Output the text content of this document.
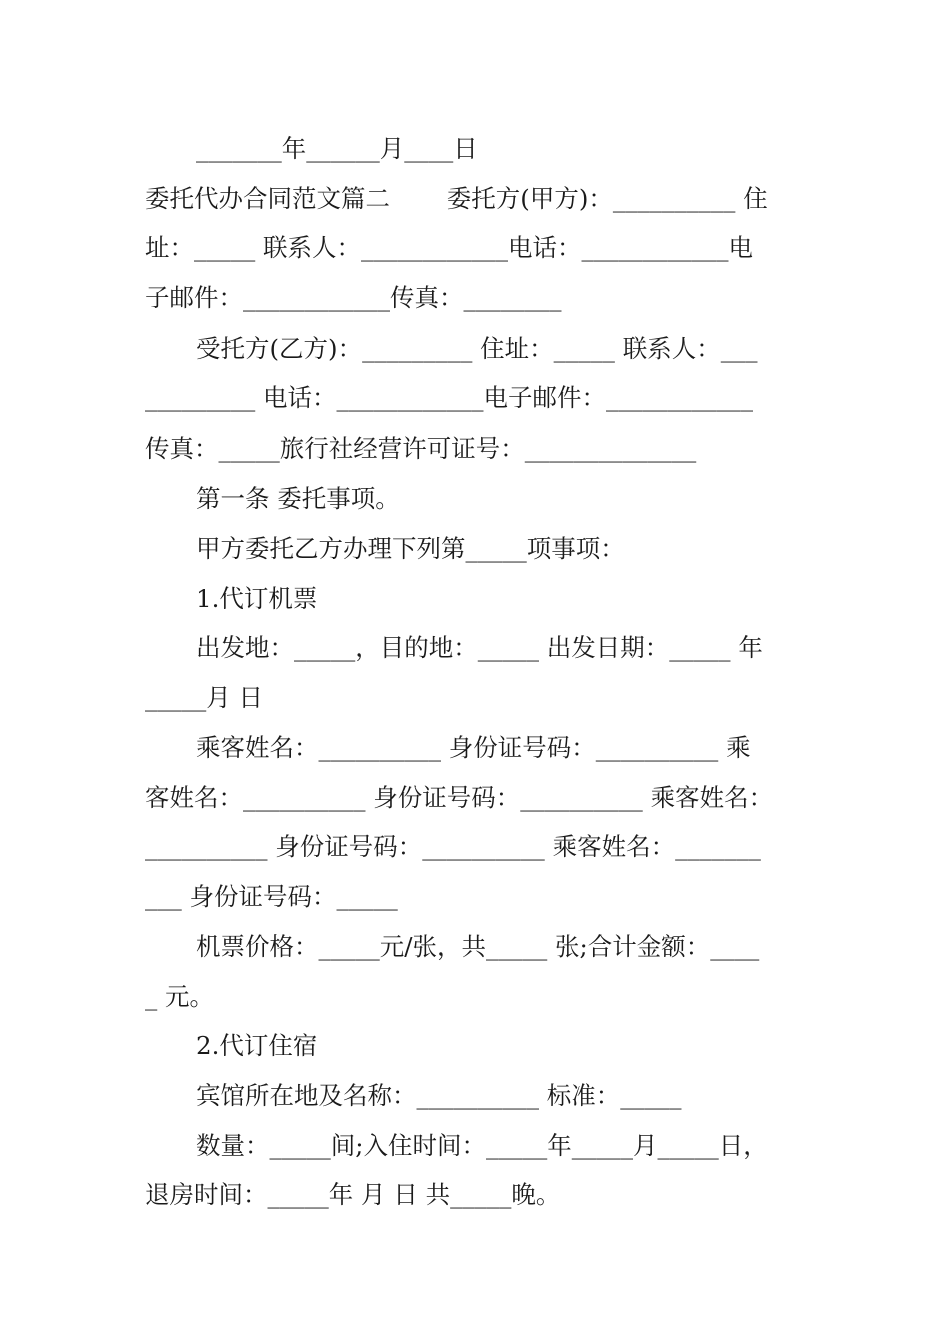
_______年______月____日
委托代办合同范文篇二　　 委托方(甲方)：__________ 住
址：_____ 联系人：____________电话：____________电
子邮件：____________传真：________
受托方(乙方)：_________ 住址：_____ 联系人：___
_________ 电话：____________电子邮件：____________
传真：_____旅行社经营许可证号：______________
第一条 委托事项。
甲方委托乙方办理下列第_____项事项：
1.代订机票
出发地：_____，目的地：_____ 出发日期：_____ 年
_____月 日
乘客姓名：__________ 身份证号码：__________ 乘
客姓名：__________ 身份证号码：__________ 乘客姓名：
__________ 身份证号码：__________ 乘客姓名：_______
___ 身份证号码：_____
机票价格：_____元/张，共_____ 张;合计金额：____
_ 元。
2.代订住宿
宾馆所在地及名称：__________ 标准：_____
数量：_____间;入住时间：_____年_____月_____日，
退房时间：_____年 月 日 共_____晚。
